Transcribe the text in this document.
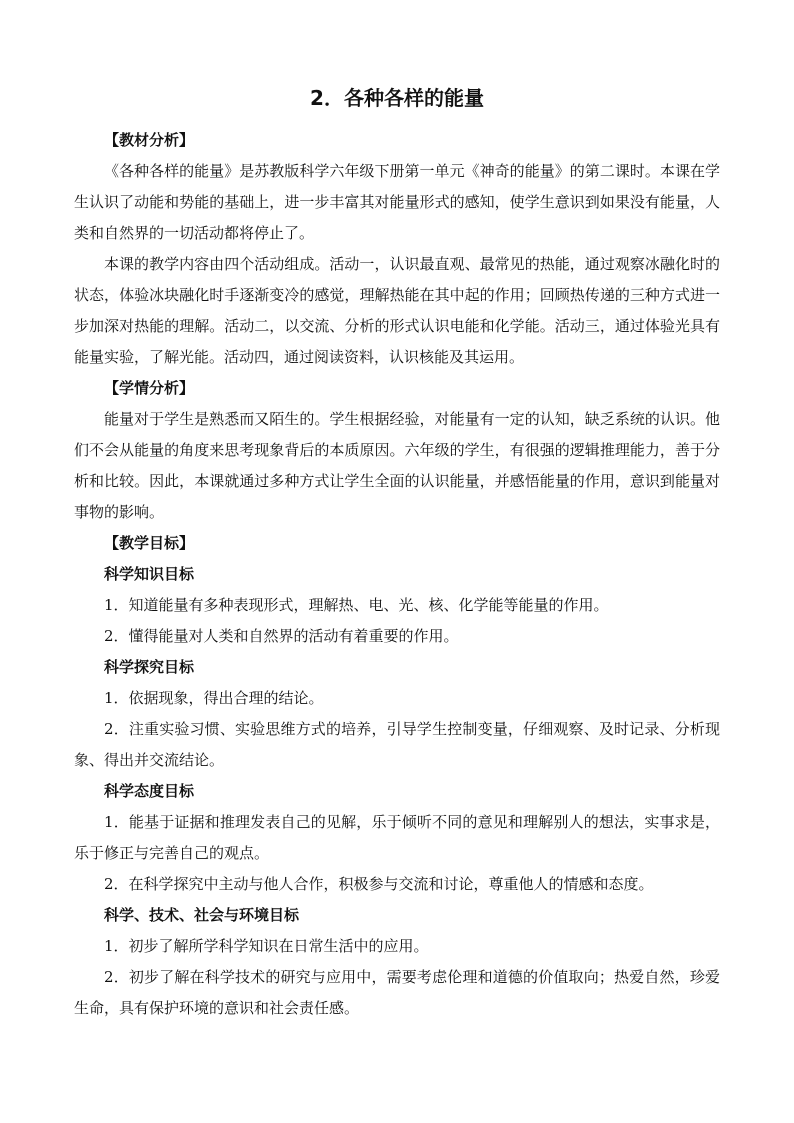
2．各种各样的能量

【教材分析】

《各种各样的能量》是苏教版科学六年级下册第一单元《神奇的能量》的第二课时。本课在学生认识了动能和势能的基础上，进一步丰富其对能量形式的感知，使学生意识到如果没有能量，人类和自然界的一切活动都将停止了。

本课的教学内容由四个活动组成。活动一，认识最直观、最常见的热能，通过观察冰融化时的状态，体验冰块融化时手逐渐变冷的感觉，理解热能在其中起的作用；回顾热传递的三种方式进一步加深对热能的理解。活动二，以交流、分析的形式认识电能和化学能。活动三，通过体验光具有能量实验，了解光能。活动四，通过阅读资料，认识核能及其运用。

【学情分析】

能量对于学生是熟悉而又陌生的。学生根据经验，对能量有一定的认知，缺乏系统的认识。他们不会从能量的角度来思考现象背后的本质原因。六年级的学生，有很强的逻辑推理能力，善于分析和比较。因此，本课就通过多种方式让学生全面的认识能量，并感悟能量的作用，意识到能量对事物的影响。

【教学目标】

科学知识目标

1．知道能量有多种表现形式，理解热、电、光、核、化学能等能量的作用。

2．懂得能量对人类和自然界的活动有着重要的作用。

科学探究目标

1．依据现象，得出合理的结论。

2．注重实验习惯、实验思维方式的培养，引导学生控制变量，仔细观察、及时记录、分析现象、得出并交流结论。

科学态度目标

1．能基于证据和推理发表自己的见解，乐于倾听不同的意见和理解别人的想法，实事求是，乐于修正与完善自己的观点。

2．在科学探究中主动与他人合作，积极参与交流和讨论，尊重他人的情感和态度。

科学、技术、社会与环境目标

1．初步了解所学科学知识在日常生活中的应用。

2．初步了解在科学技术的研究与应用中，需要考虑伦理和道德的价值取向；热爱自然，珍爱生命，具有保护环境的意识和社会责任感。
